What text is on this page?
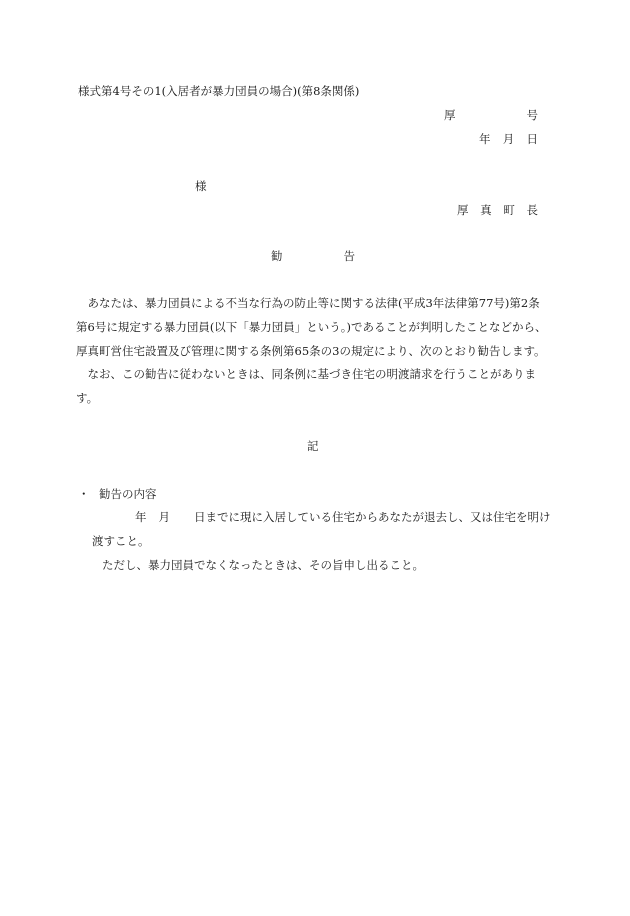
様式第4号その1(入居者が暴力団員の場合)(第8条関係)
厚	号
年 月 日
様
厚 真 町 長
勧	告
　あなたは、暴力団員による不当な行為の防止等に関する法律(平成3年法律第77号)第2条
第6号に規定する暴力団員(以下「暴力団員」という。)であることが判明したことなどから、
厚真町営住宅設置及び管理に関する条例第65条の3の規定により、次のとおり勧告します。
　なお、この勧告に従わないときは、同条例に基づき住宅の明渡請求を行うことがありま
す。
記
・ 勧告の内容
年 月 日までに現に入居している住宅からあなたが退去し、又は住宅を明け
渡すこと。
ただし、暴力団員でなくなったときは、その旨申し出ること。
